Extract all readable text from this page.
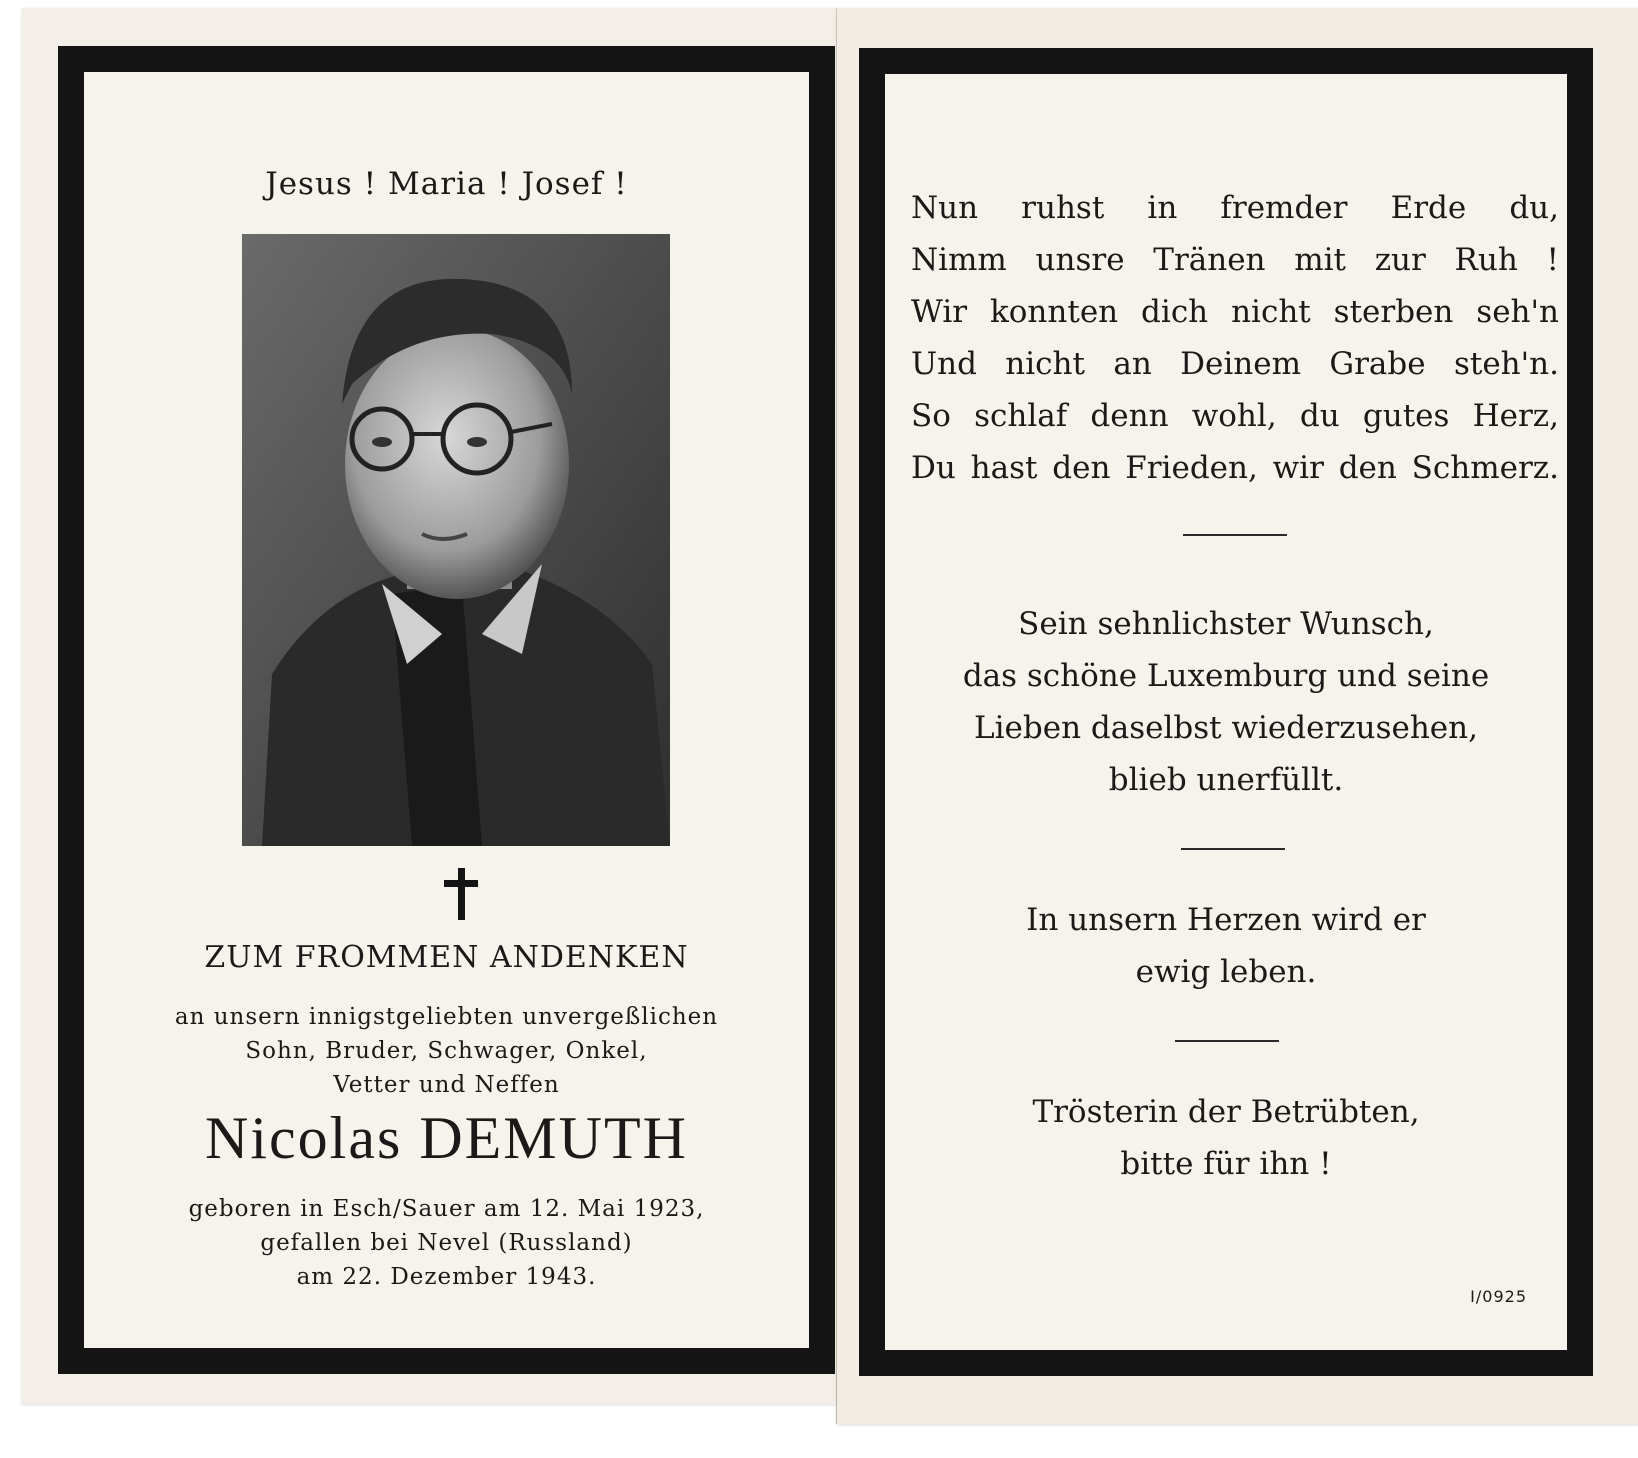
Jesus ! Maria ! Josef !
ZUM FROMMEN ANDENKEN
an unsern innigstgeliebten unvergeßlichen
Sohn, Bruder, Schwager, Onkel,
Vetter und Neffen
Nicolas DEMUTH
geboren in Esch/Sauer am 12. Mai 1923,
gefallen bei Nevel (Russland)
am 22. Dezember 1943.
Nun ruhst in fremder Erde du,
Nimm unsre Tränen mit zur Ruh !
Wir konnten dich nicht sterben seh'n
Und nicht an Deinem Grabe steh'n.
So schlaf denn wohl, du gutes Herz,
Du hast den Frieden, wir den Schmerz.
Sein sehnlichster Wunsch,
das schöne Luxemburg und seine
Lieben daselbst wiederzusehen,
blieb unerfüllt.
In unsern Herzen wird er
ewig leben.
Trösterin der Betrübten,
bitte für ihn !
I/0925
